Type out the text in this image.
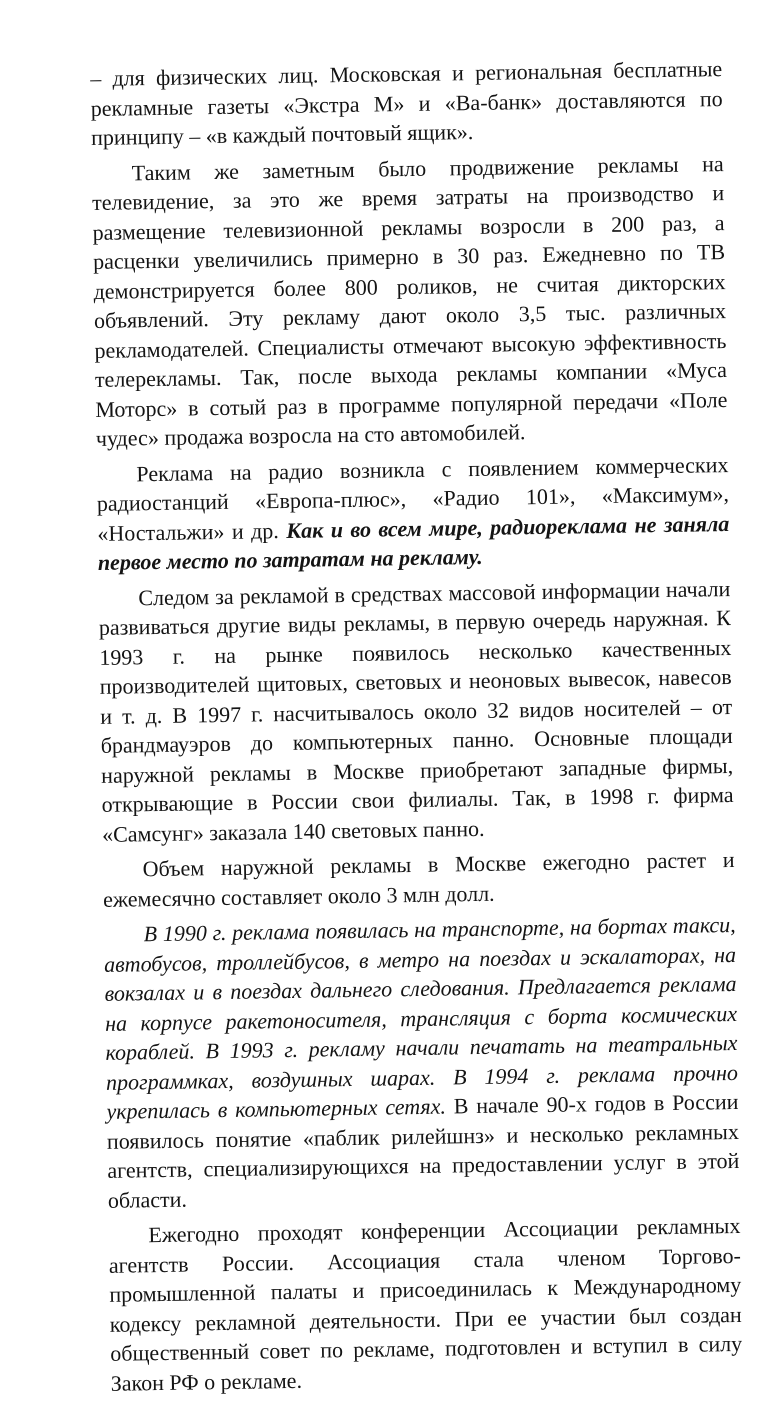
– для физических лиц. Московская и региональная бесплатные рекламные газеты «Экстра М» и «Ва-банк» доставляются по принципу – «в каждый почтовый ящик».

Таким же заметным было продвижение рекламы на телевидение, за это же время затраты на производство и размещение телевизионной рекламы возросли в 200 раз, а расценки увеличились примерно в 30 раз. Ежедневно по ТВ демонстрируется более 800 роликов, не считая дикторских объявлений. Эту рекламу дают около 3,5 тыс. различных рекламодателей. Специалисты отмечают высокую эффективность телерекламы. Так, после выхода рекламы компании «Муса Моторс» в сотый раз в программе популярной передачи «Поле чудес» продажа возросла на сто автомобилей.

Реклама на радио возникла с появлением коммерческих радиостанций «Европа-плюс», «Радио 101», «Максимум», «Ностальжи» и др. Как и во всем мире, радиореклама не заняла первое место по затратам на рекламу.

Следом за рекламой в средствах массовой информации начали развиваться другие виды рекламы, в первую очередь наружная. К 1993 г. на рынке появилось несколько качественных производителей щитовых, световых и неоновых вывесок, навесов и т. д. В 1997 г. насчитывалось около 32 видов носителей – от брандмауэров до компьютерных панно. Основные площади наружной рекламы в Москве приобретают западные фирмы, открывающие в России свои филиалы. Так, в 1998 г. фирма «Самсунг» заказала 140 световых панно.

Объем наружной рекламы в Москве ежегодно растет и ежемесячно составляет около 3 млн долл.

В 1990 г. реклама появилась на транспорте, на бортах такси, автобусов, троллейбусов, в метро на поездах и эскалаторах, на вокзалах и в поездах дальнего следования. Предлагается реклама на корпусе ракетоносителя, трансляция с борта космических кораблей. В 1993 г. рекламу начали печатать на театральных программках, воздушных шарах. В 1994 г. реклама прочно укрепилась в компьютерных сетях. В начале 90-х годов в России появилось понятие «паблик рилейшнз» и несколько рекламных агентств, специализирующихся на предоставлении услуг в этой области.

Ежегодно проходят конференции Ассоциации рекламных агентств России. Ассоциация стала членом Торгово-промышленной палаты и присоединилась к Международному кодексу рекламной деятельности. При ее участии был создан общественный совет по рекламе, подготовлен и вступил в силу Закон РФ о рекламе.
